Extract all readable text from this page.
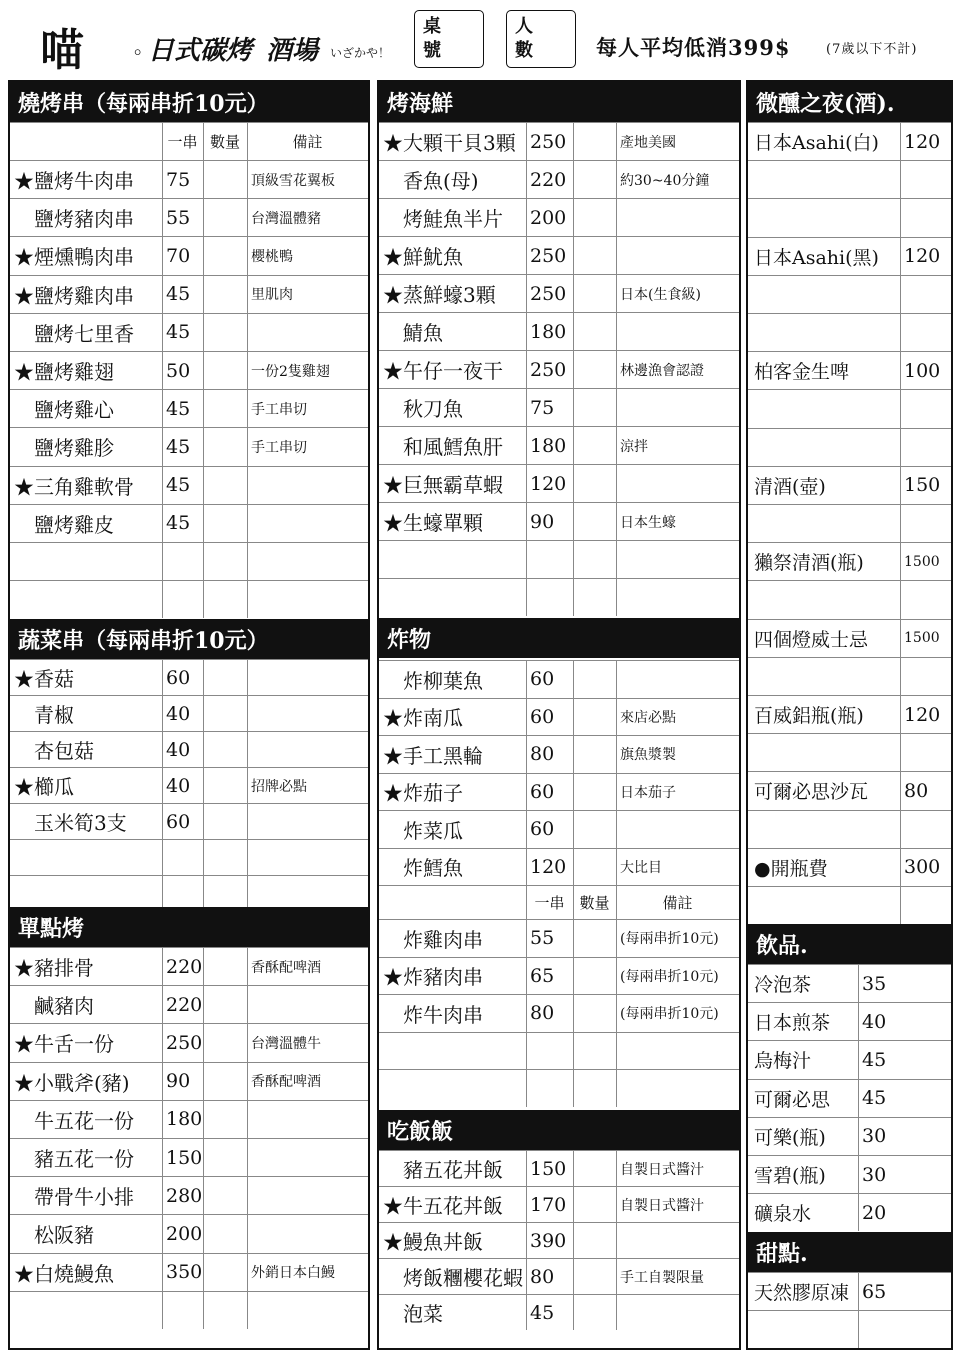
喵 。
日式碳烤 酒場 いざかや！
桌號
人數	每人平均低消399$	(7歲以下不計)
燒烤串（每兩串折10元）
一串 數量	備註
★鹽烤牛肉串	75	頂級雪花翼板
　鹽烤豬肉串	55	台灣溫體豬
★煙燻鴨肉串	70	櫻桃鴨
★鹽烤雞肉串	45	里肌肉
　鹽烤七里香	45
★鹽烤雞翅	50	一份2隻雞翅
　鹽烤雞心	45	手工串切
　鹽烤雞胗	45	手工串切
★三角雞軟骨	45
　鹽烤雞皮	45
蔬菜串（每兩串折10元）
★香菇	60
　青椒	40
　杏包菇	40
★櫛瓜	40	招牌必點
　玉米筍3支	60
單點烤
★豬排骨	220	香酥配啤酒
　鹹豬肉	220
★牛舌一份	250	台灣溫體牛
★小戰斧(豬)	90	香酥配啤酒
　牛五花一份	180
　豬五花一份	150
　帶骨牛小排	280
　松阪豬	200
★白燒鰻魚	350	外銷日本白鰻
烤海鮮
★大顆干貝3顆 250	產地美國
　香魚(母)	220	約30~40分鐘
　烤鮭魚半片	200
★鮮魷魚	250
★蒸鮮蠔3顆	250	日本(生食級)
　鯖魚	180
★午仔一夜干	250	林邊漁會認證
　秋刀魚	75
　和風鱈魚肝	180	涼拌
★巨無霸草蝦	120
★生蠔單顆	90	日本生蠔
炸物
　炸柳葉魚	60
★炸南瓜	60	來店必點
★手工黑輪	80	旗魚漿製
★炸茄子	60	日本茄子
　炸菜瓜	60
　炸鱈魚	120	大比目
一串 數量	備註
　炸雞肉串	55	(每兩串折10元)
★炸豬肉串	65	(每兩串折10元)
　炸牛肉串	80	(每兩串折10元)
吃飯飯
　豬五花丼飯	150	自製日式醬汁
★牛五花丼飯	170	自製日式醬汁
★鰻魚丼飯	390
　烤飯糰櫻花蝦 80	手工自製限量
　泡菜	45
微醺之夜(酒).
日本Asahi(白)	120
日本Asahi(黑)	120
柏客金生啤	100
清酒(壺)	150
獺祭清酒(瓶)	1500
四個燈威士忌	1500
百威鋁瓶(瓶)	120
可爾必思沙瓦	80
●開瓶費	300
飲品.
冷泡茶	35
日本煎茶	40
烏梅汁	45
可爾必思	45
可樂(瓶)	30
雪碧(瓶)	30
礦泉水	20
甜點.
天然膠原凍 65
